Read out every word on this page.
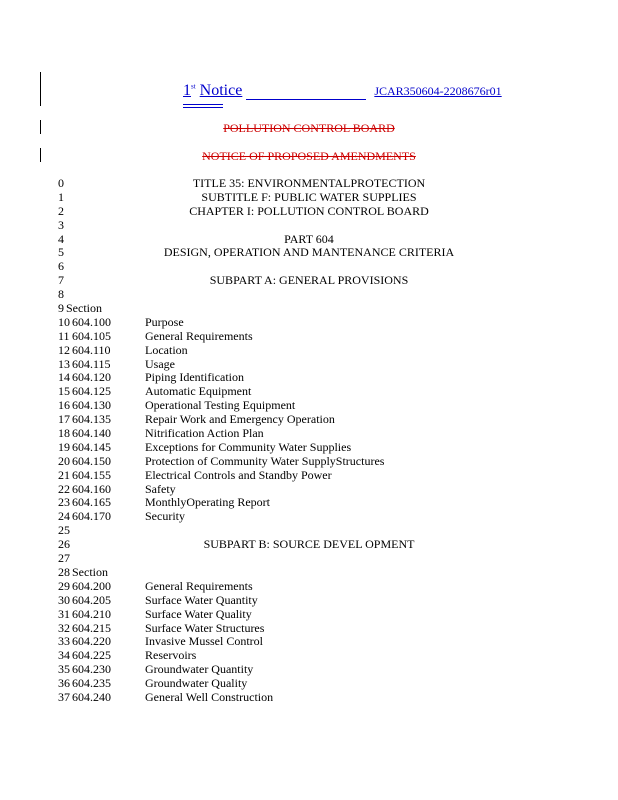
1st Notice	JCAR350604-2208676r01
POLLUTION CONTROL BOARD
NOTICE OF PROPOSED AMENDMENTS
0	TITLE 35: ENVIRONMENTALPROTECTION
1	SUBTITLE F: PUBLIC WATER SUPPLIES
2	CHAPTER I: POLLUTION CONTROL BOARD
3
4	PART 604
5	DESIGN, OPERATION AND MANTENANCE CRITERIA
6
7	SUBPART A: GENERAL PROVISIONS
8
9 Section
10 604.100	Purpose
11 604.105	General Requirements
12 604.110	Location
13 604.115	Usage
14 604.120	Piping Identification
15 604.125	Automatic Equipment
16 604.130	Operational Testing Equipment
17 604.135	Repair Work and Emergency Operation
18 604.140	Nitrification Action Plan
19 604.145	Exceptions for Community Water Supplies
20 604.150	Protection of Community Water SupplyStructures
21 604.155	Electrical Controls and Standby Power
22 604.160	Safety
23 604.165	MonthlyOperating Report
24 604.170	Security
25
26	SUBPART B: SOURCE DEVEL OPMENT
27
28 Section
29 604.200	General Requirements
30 604.205	Surface Water Quantity
31 604.210	Surface Water Quality
32 604.215	Surface Water Structures
33 604.220	Invasive Mussel Control
34 604.225	Reservoirs
35 604.230	Groundwater Quantity
36 604.235	Groundwater Quality
37 604.240	General Well Construction
